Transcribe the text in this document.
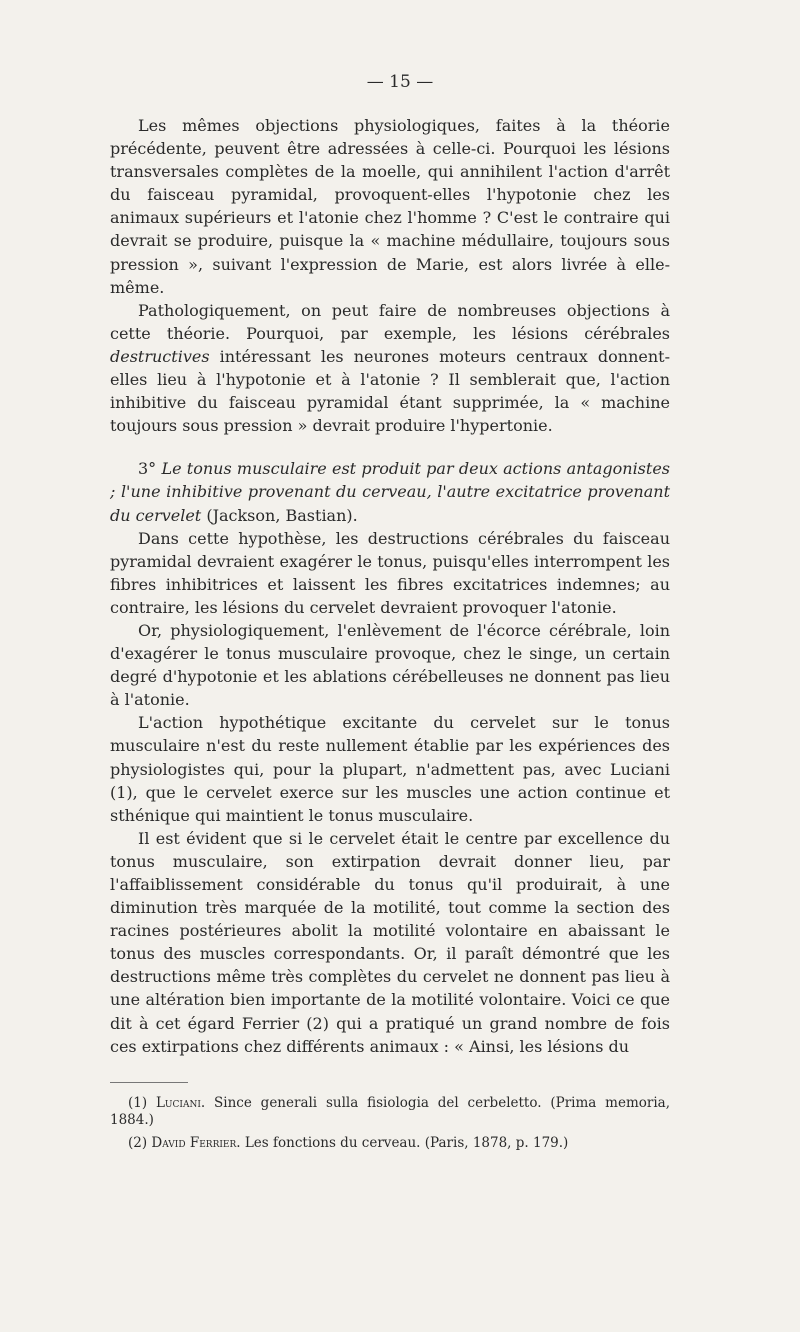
— 15 —

Les mêmes objections physiologiques, faites à la théorie précédente, peuvent être adressées à celle-ci. Pourquoi les lésions transversales complètes de la moelle, qui annihilent l'action d'arrêt du faisceau pyramidal, provoquent-elles l'hypotonie chez les animaux supérieurs et l'atonie chez l'homme ? C'est le contraire qui devrait se produire, puisque la « machine médullaire, toujours sous pression », suivant l'expression de Marie, est alors livrée à elle-même.

Pathologiquement, on peut faire de nombreuses objections à cette théorie. Pourquoi, par exemple, les lésions cérébrales destructives intéressant les neurones moteurs centraux donnent-elles lieu à l'hypotonie et à l'atonie ? Il semblerait que, l'action inhibitive du faisceau pyramidal étant supprimée, la « machine toujours sous pression » devrait produire l'hypertonie.

3° Le tonus musculaire est produit par deux actions antagonistes ; l'une inhibitive provenant du cerveau, l'autre excitatrice provenant du cervelet (Jackson, Bastian).

Dans cette hypothèse, les destructions cérébrales du faisceau pyramidal devraient exagérer le tonus, puisqu'elles interrompent les fibres inhibitrices et laissent les fibres excitatrices indemnes; au contraire, les lésions du cervelet devraient provoquer l'atonie.

Or, physiologiquement, l'enlèvement de l'écorce cérébrale, loin d'exagérer le tonus musculaire provoque, chez le singe, un certain degré d'hypotonie et les ablations cérébelleuses ne donnent pas lieu à l'atonie.

L'action hypothétique excitante du cervelet sur le tonus musculaire n'est du reste nullement établie par les expériences des physiologistes qui, pour la plupart, n'admettent pas, avec Luciani (1), que le cervelet exerce sur les muscles une action continue et sthénique qui maintient le tonus musculaire.

Il est évident que si le cervelet était le centre par excellence du tonus musculaire, son extirpation devrait donner lieu, par l'affaiblissement considérable du tonus qu'il produirait, à une diminution très marquée de la motilité, tout comme la section des racines postérieures abolit la motilité volontaire en abaissant le tonus des muscles correspondants. Or, il paraît démontré que les destructions même très complètes du cervelet ne donnent pas lieu à une altération bien importante de la motilité volontaire. Voici ce que dit à cet égard Ferrier (2) qui a pratiqué un grand nombre de fois ces extirpations chez différents animaux : « Ainsi, les lésions du

(1) Luciani. Since generali sulla fisiologia del cerbeletto. (Prima memoria, 1884.)

(2) David Ferrier. Les fonctions du cerveau. (Paris, 1878, p. 179.)
